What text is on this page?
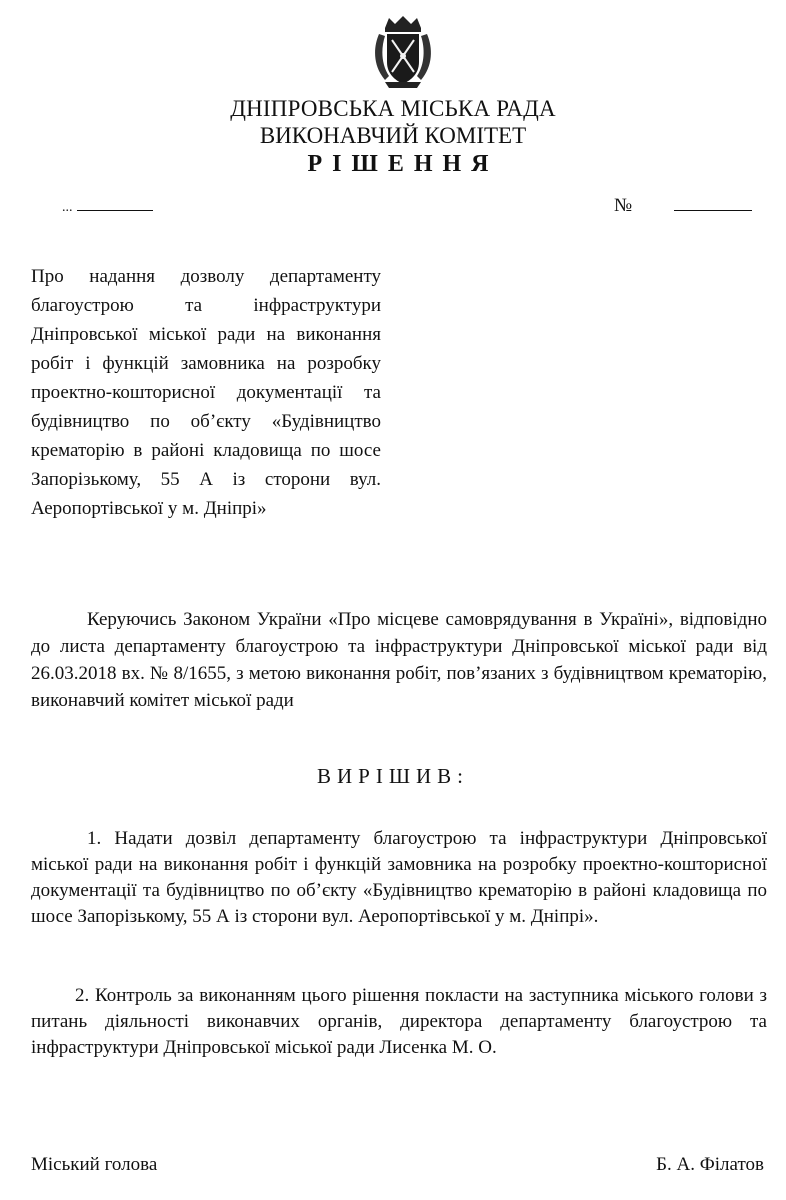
ДНІПРОВСЬКА МІСЬКА РАДА

ВИКОНАВЧИЙ КОМІТЕТ

РІШЕННЯ

...	№

Про надання дозволу департаменту благоустрою та інфраструктури Дніпровської міської ради на виконання робіт і функцій замовника на розробку проектно-кошторисної документації та будівництво по об’єкту «Будівництво крематорію в районі кладовища по шосе Запорізькому, 55 А із сторони вул. Аеропортівської у м. Дніпрі»

Керуючись Законом України «Про місцеве самоврядування в Україні», відповідно до листа департаменту благоустрою та інфраструктури Дніпровської міської ради від 26.03.2018 вх. № 8/1655, з метою виконання робіт, пов’язаних з будівництвом крематорію, виконавчий комітет міської ради

ВИРІШИВ:

1. Надати дозвіл департаменту благоустрою та інфраструктури Дніпровської міської ради на виконання робіт і функцій замовника на розробку проектно-кошторисної документації та будівництво по об’єкту «Будівництво крематорію в районі кладовища по шосе Запорізькому, 55 А із сторони вул. Аеропортівської у м. Дніпрі».

2. Контроль за виконанням цього рішення покласти на заступника міського голови з питань діяльності виконавчих органів, директора департаменту благоустрою та інфраструктури Дніпровської міської ради Лисенка М. О.

Міський голова	Б. А. Філатов
